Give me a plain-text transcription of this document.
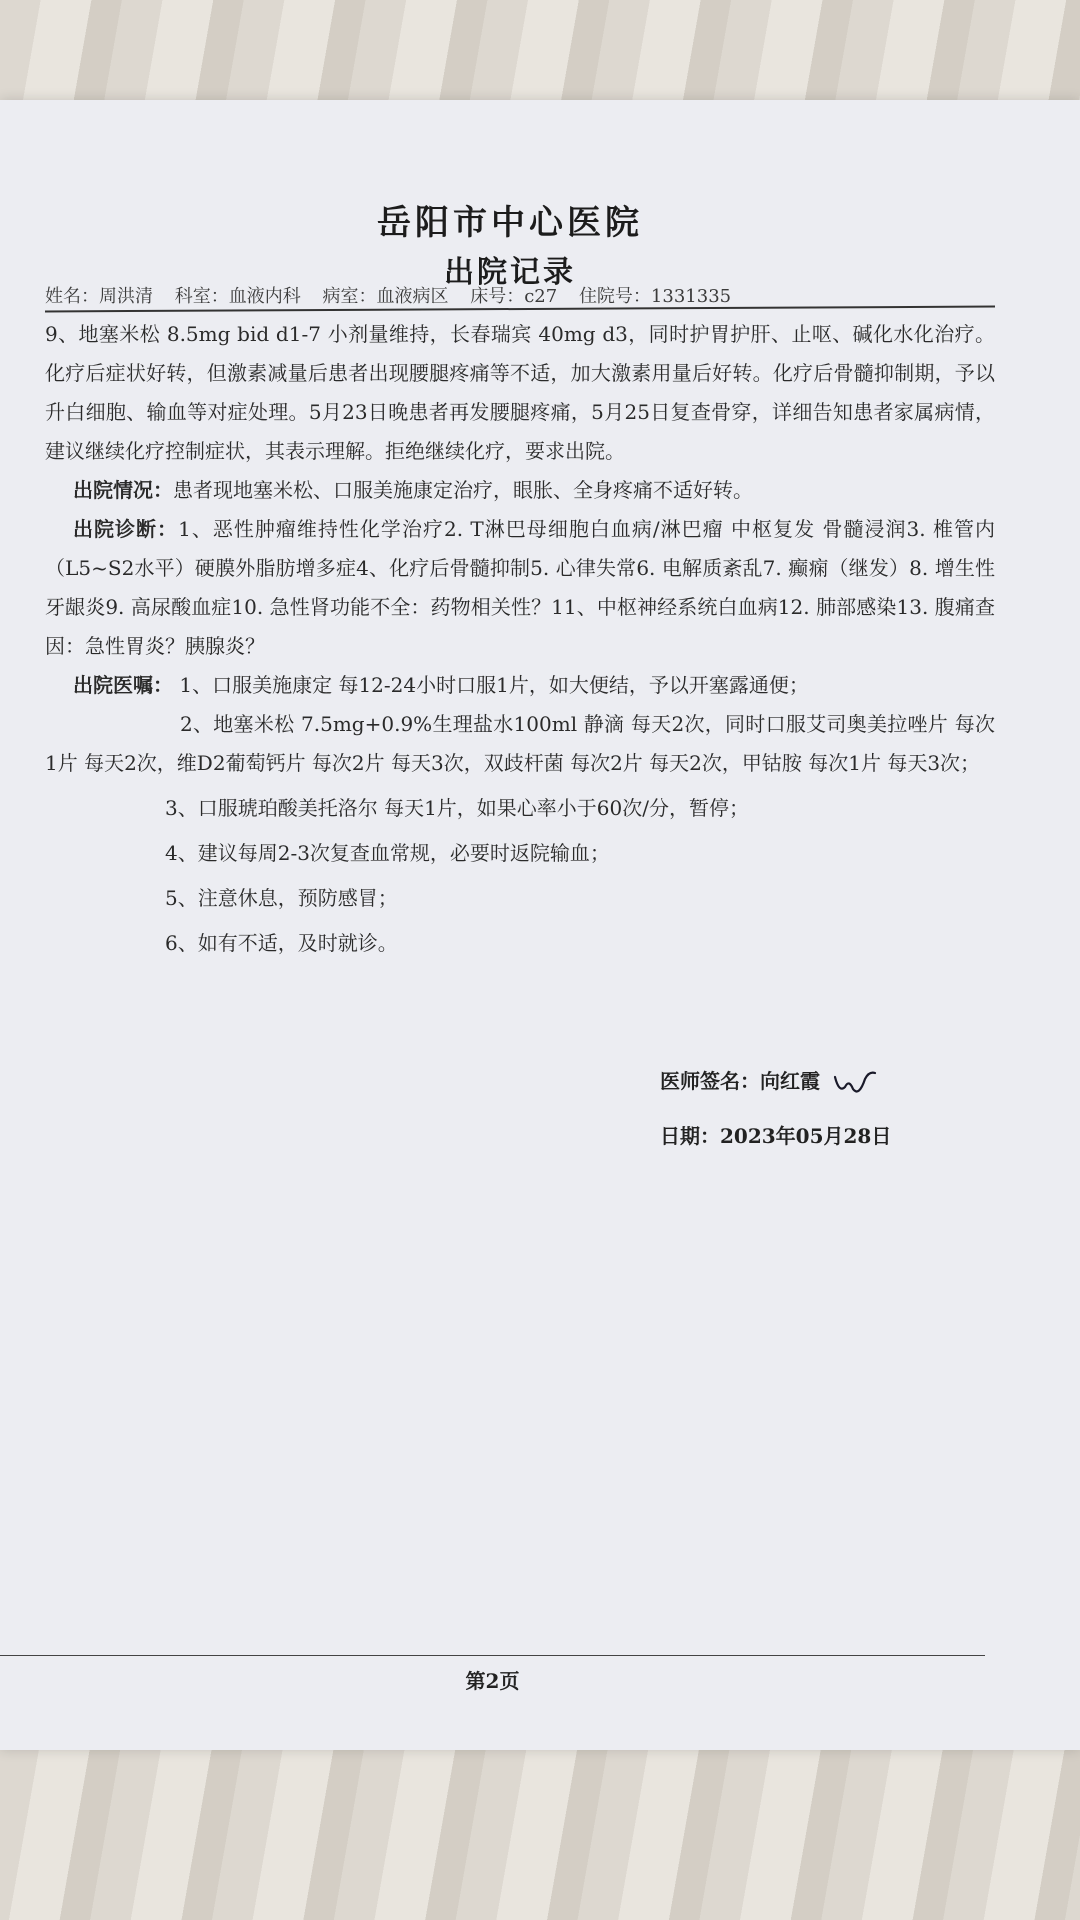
岳阳市中心医院
出院记录
姓名：周洪清 科室：血液内科 病室：血液病区 床号：c27 住院号：1331335

9、地塞米松 8.5mg bid d1-7 小剂量维持，长春瑞宾 40mg d3，同时护胃护肝、止呕、碱化水化治疗。化疗后症状好转，但激素减量后患者出现腰腿疼痛等不适，加大激素用量后好转。化疗后骨髓抑制期，予以升白细胞、输血等对症处理。5月23日晚患者再发腰腿疼痛，5月25日复查骨穿，详细告知患者家属病情，建议继续化疗控制症状，其表示理解。拒绝继续化疗，要求出院。

出院情况：患者现地塞米松、口服美施康定治疗，眼胀、全身疼痛不适好转。

出院诊断：1、恶性肿瘤维持性化学治疗2. T淋巴母细胞白血病/淋巴瘤 中枢复发 骨髓浸润3. 椎管内（L5~S2水平）硬膜外脂肪增多症4、化疗后骨髓抑制5. 心律失常6. 电解质紊乱7. 癫痫（继发）8. 增生性牙龈炎9. 高尿酸血症10. 急性肾功能不全：药物相关性？11、中枢神经系统白血病12. 肺部感染13. 腹痛查因：急性胃炎？胰腺炎？

出院医嘱： 1、口服美施康定 每12-24小时口服1片，如大便结，予以开塞露通便；

2、地塞米松 7.5mg+0.9%生理盐水100ml 静滴 每天2次，同时口服艾司奥美拉唑片 每次1片 每天2次，维D2葡萄钙片 每次2片 每天3次，双歧杆菌 每次2片 每天2次，甲钴胺 每次1片 每天3次；

3、口服琥珀酸美托洛尔 每天1片，如果心率小于60次/分，暂停；

4、建议每周2-3次复查血常规，必要时返院输血；

5、注意休息，预防感冒；

6、如有不适，及时就诊。

医师签名：向红霞
日期：2023年05月28日
第2页
